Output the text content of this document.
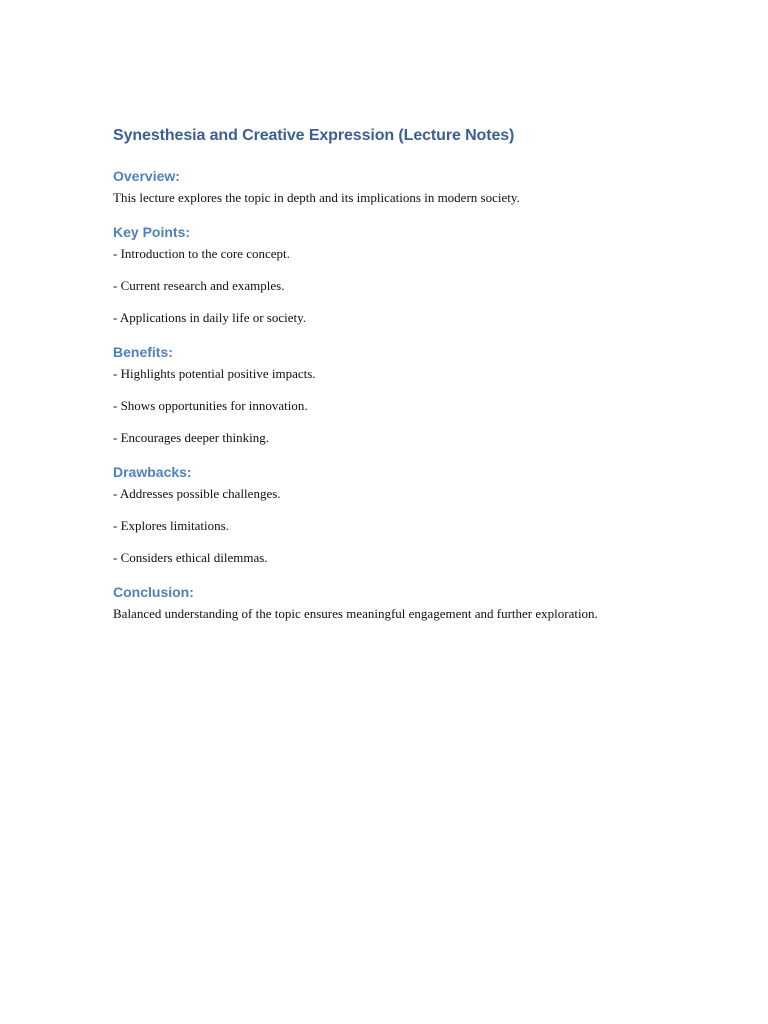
Synesthesia and Creative Expression (Lecture Notes)
Overview:

This lecture explores the topic in depth and its implications in modern society.

Key Points:

- Introduction to the core concept.

- Current research and examples.

- Applications in daily life or society.

Benefits:

- Highlights potential positive impacts.

- Shows opportunities for innovation.

- Encourages deeper thinking.

Drawbacks:

- Addresses possible challenges.

- Explores limitations.

- Considers ethical dilemmas.

Conclusion:

Balanced understanding of the topic ensures meaningful engagement and further exploration.
